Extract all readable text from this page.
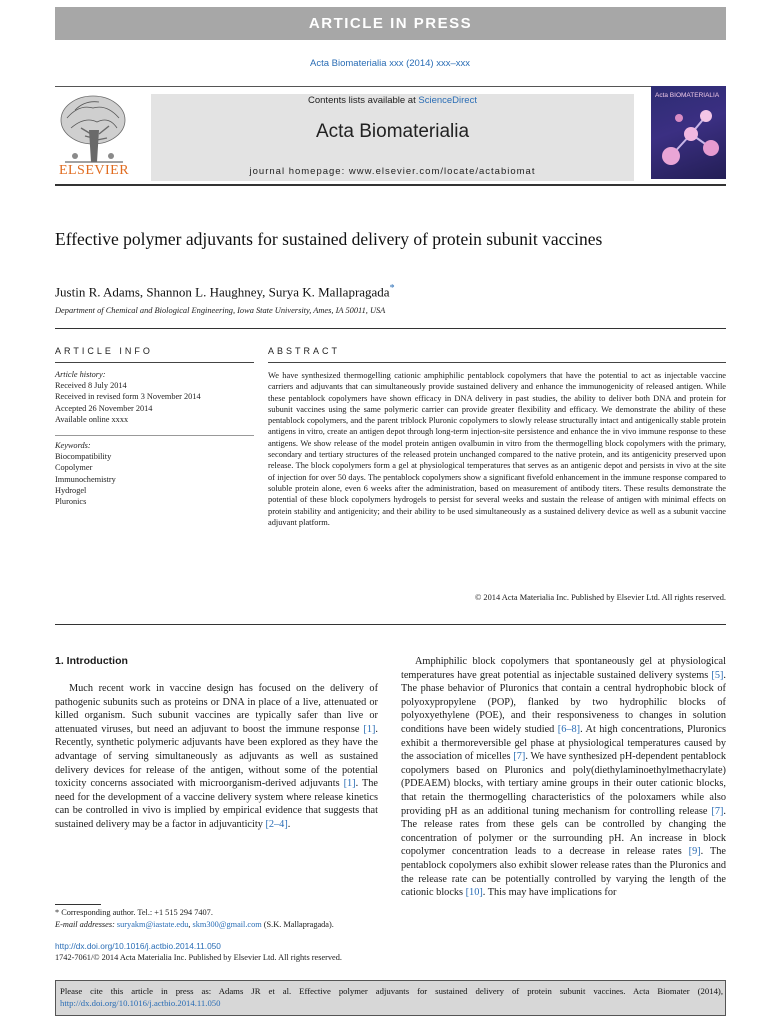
ARTICLE IN PRESS
Acta Biomaterialia xxx (2014) xxx–xxx
ELSEVIER
Contents lists available at ScienceDirect
Acta Biomaterialia
journal homepage: www.elsevier.com/locate/actabiomat
Acta BIOMATERIALIA
Effective polymer adjuvants for sustained delivery of protein subunit vaccines
Justin R. Adams, Shannon L. Haughney, Surya K. Mallapragada*
Department of Chemical and Biological Engineering, Iowa State University, Ames, IA 50011, USA
ARTICLE INFO
Article history:
Received 8 July 2014
Received in revised form 3 November 2014
Accepted 26 November 2014
Available online xxxx
Keywords:
Biocompatibility
Copolymer
Immunochemistry
Hydrogel
Pluronics
ABSTRACT
We have synthesized thermogelling cationic amphiphilic pentablock copolymers that have the potential to act as injectable vaccine carriers and adjuvants that can simultaneously provide sustained delivery and enhance the immunogenicity of released antigen. While these pentablock copolymers have shown efficacy in DNA delivery in past studies, the ability to deliver both DNA and protein for subunit vaccines using the same polymeric carrier can provide greater flexibility and efficacy. We demonstrate the ability of these pentablock copolymers, and the parent triblock Pluronic copolymers to slowly release structurally intact and antigenically stable protein antigens in vitro, create an antigen depot through long-term injection-site persistence and enhance the in vivo immune response to these antigens. We show release of the model protein antigen ovalbumin in vitro from the thermogelling block copolymers with the primary, secondary and tertiary structures of the released protein unchanged compared to the native protein, and its antigenicity preserved upon release. The block copolymers form a gel at physiological temperatures that serves as an antigenic depot and persists in vivo at the site of injection for over 50 days. The pentablock copolymers show a significant fivefold enhancement in the immune response compared to soluble protein alone, even 6 weeks after the administration, based on measurement of antibody titers. These results demonstrate the potential of these block copolymers hydrogels to persist for several weeks and sustain the release of antigen with minimal effects on protein stability and antigenicity; and their ability to be used simultaneously as a sustained delivery device as well as a subunit vaccine adjuvant platform.
© 2014 Acta Materialia Inc. Published by Elsevier Ltd. All rights reserved.
1. Introduction
Much recent work in vaccine design has focused on the delivery of pathogenic subunits such as proteins or DNA in place of a live, attenuated or killed organism. Such subunit vaccines are typically safer than live or attenuated viruses, but need an adjuvant to boost the immune response [1]. Recently, synthetic polymeric adjuvants have been explored as they have the advantage of serving simultaneously as adjuvants as well as sustained delivery devices for release of the antigen, without some of the potential toxicity concerns associated with microorganism-derived adjuvants [1]. The need for the development of a vaccine delivery system where release kinetics can be controlled in vivo is implied by empirical evidence that suggests that sustained delivery may be a factor in adjuvanticity [2–4].
Amphiphilic block copolymers that spontaneously gel at physiological temperatures have great potential as injectable sustained delivery systems [5]. The phase behavior of Pluronics that contain a central hydrophobic block of polyoxypropylene (POP), flanked by two hydrophilic blocks of polyoxyethylene (POE), and their responsiveness to changes in solution conditions have been widely studied [6–8]. At high concentrations, Pluronics exhibit a thermoreversible gel phase at physiological temperatures caused by the association of micelles [7]. We have synthesized pH-dependent pentablock copolymers based on Pluronics and poly(diethylaminoethylmethacrylate) (PDEAEM) blocks, with tertiary amine groups in their outer cationic blocks, that retain the thermogelling characteristics of the poloxamers while also providing pH as an additional tuning mechanism for controlling release [7]. The release rates from these gels can be controlled by changing the concentration of polymer or the surrounding pH. An increase in block copolymer concentration leads to a decrease in release rates [9]. The pentablock copolymers also exhibit slower release rates than the Pluronics and the release rate can be potentially controlled by varying the length of the cationic blocks [10]. This may have implications for
* Corresponding author. Tel.: +1 515 294 7407.
E-mail addresses: suryakm@iastate.edu, skm300@gmail.com (S.K. Mallapragada).
http://dx.doi.org/10.1016/j.actbio.2014.11.050
1742-7061/© 2014 Acta Materialia Inc. Published by Elsevier Ltd. All rights reserved.
Please cite this article in press as: Adams JR et al. Effective polymer adjuvants for sustained delivery of protein subunit vaccines. Acta Biomater (2014),
http://dx.doi.org/10.1016/j.actbio.2014.11.050
